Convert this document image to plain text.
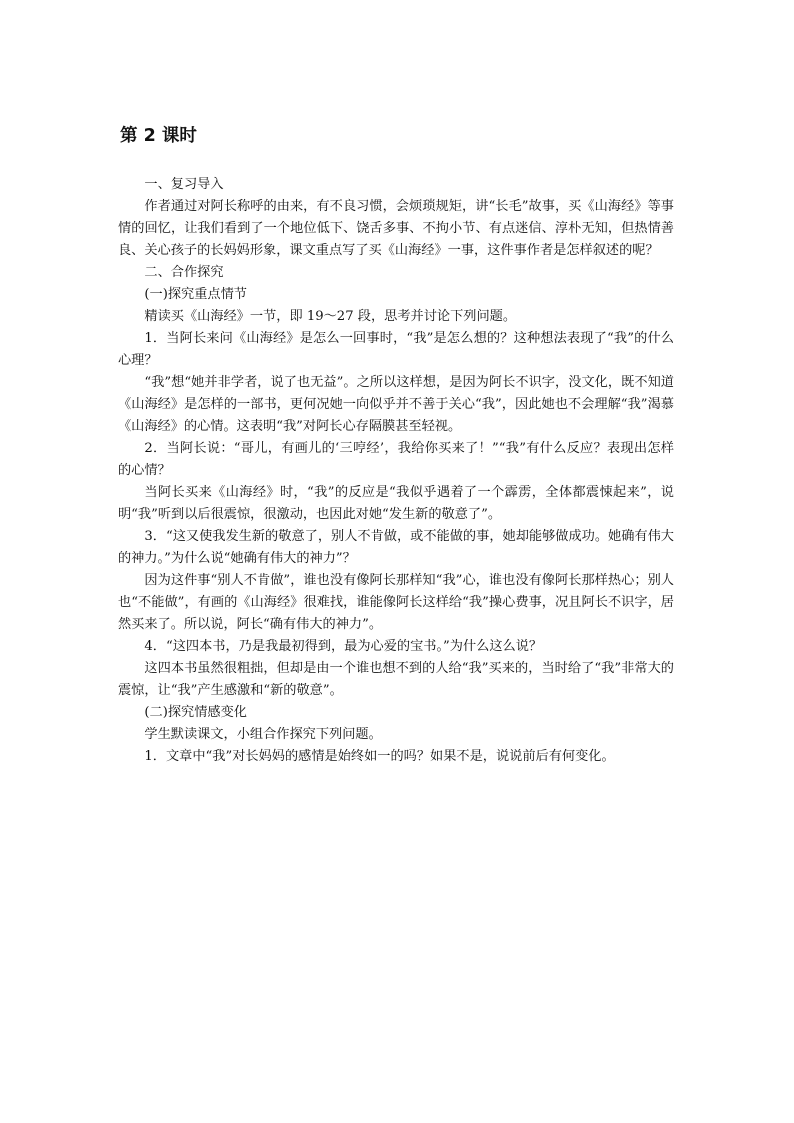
第 2 课时

一、复习导入

作者通过对阿长称呼的由来，有不良习惯，会烦琐规矩，讲“长毛”故事，买《山海经》等事情的回忆，让我们看到了一个地位低下、饶舌多事、不拘小节、有点迷信、淳朴无知，但热情善良、关心孩子的长妈妈形象，课文重点写了买《山海经》一事，这件事作者是怎样叙述的呢？

二、合作探究

(一)探究重点情节

精读买《山海经》一节，即 19～27 段，思考并讨论下列问题。

1．当阿长来问《山海经》是怎么一回事时，“我”是怎么想的？这种想法表现了“我”的什么心理？

“我”想“她并非学者，说了也无益”。之所以这样想，是因为阿长不识字，没文化，既不知道《山海经》是怎样的一部书，更何况她一向似乎并不善于关心“我”，因此她也不会理解“我”渴慕《山海经》的心情。这表明“我”对阿长心存隔膜甚至轻视。

2．当阿长说：“哥儿，有画儿的‘三哼经’，我给你买来了！”“我”有什么反应？表现出怎样的心情？

当阿长买来《山海经》时，“我”的反应是“我似乎遇着了一个霹雳，全体都震悚起来”，说明“我”听到以后很震惊，很激动，也因此对她“发生新的敬意了”。

3．“这又使我发生新的敬意了，别人不肯做，或不能做的事，她却能够做成功。她确有伟大的神力。”为什么说“她确有伟大的神力”？

因为这件事“别人不肯做”，谁也没有像阿长那样知“我”心，谁也没有像阿长那样热心；别人也“不能做”，有画的《山海经》很难找，谁能像阿长这样给“我”操心费事，况且阿长不识字，居然买来了。所以说，阿长“确有伟大的神力”。

4．“这四本书，乃是我最初得到，最为心爱的宝书。”为什么这么说？

这四本书虽然很粗拙，但却是由一个谁也想不到的人给“我”买来的，当时给了“我”非常大的震惊，让“我”产生感激和“新的敬意”。

(二)探究情感变化

学生默读课文，小组合作探究下列问题。

1．文章中“我”对长妈妈的感情是始终如一的吗？如果不是，说说前后有何变化。
